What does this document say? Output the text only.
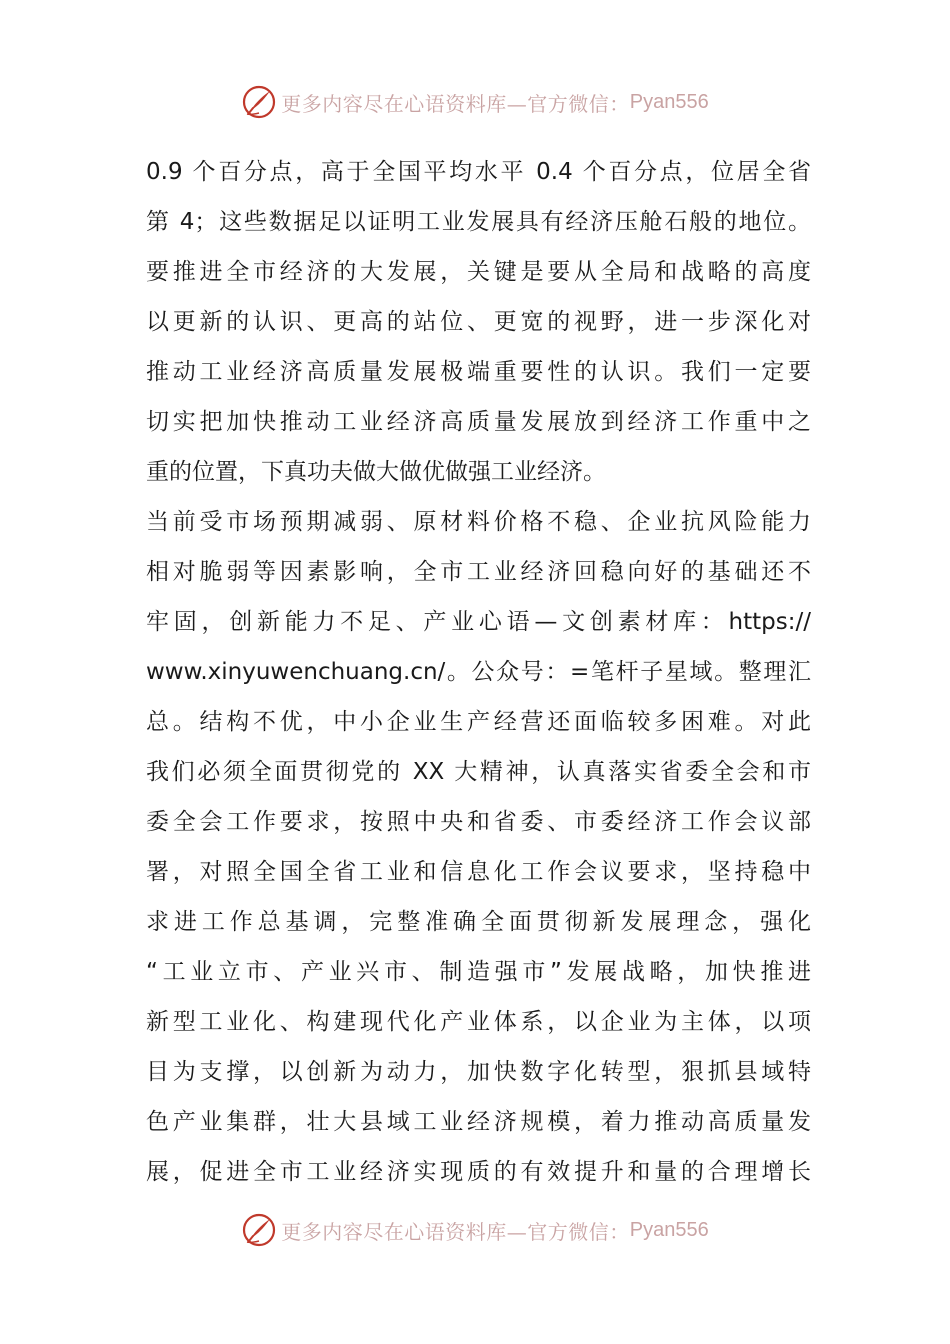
更多内容尽在心语资料库—官方微信： Pyan556
0.9 个百分点，高于全国平均水平 0.4 个百分点，位居全省
第 4；这些数据足以证明工业发展具有经济压舱石般的地位。
要推进全市经济的大发展，关键是要从全局和战略的高度
以更新的认识、更高的站位、更宽的视野，进一步深化对
推动工业经济高质量发展极端重要性的认识。我们一定要
切实把加快推动工业经济高质量发展放到经济工作重中之
重的位置，下真功夫做大做优做强工业经济。
当前受市场预期减弱、原材料价格不稳、企业抗风险能力
相对脆弱等因素影响，全市工业经济回稳向好的基础还不
牢固，创新能力不足、产业心语—文创素材库：https://
www.xinyuwenchuang.cn/。公众号：=笔杆子星域。整理汇
总。结构不优，中小企业生产经营还面临较多困难。对此
我们必须全面贯彻党的 XX 大精神，认真落实省委全会和市
委全会工作要求，按照中央和省委、市委经济工作会议部
署，对照全国全省工业和信息化工作会议要求，坚持稳中
求进工作总基调，完整准确全面贯彻新发展理念，强化
“工业立市、产业兴市、制造强市”发展战略，加快推进
新型工业化、构建现代化产业体系，以企业为主体，以项
目为支撑，以创新为动力，加快数字化转型，狠抓县域特
色产业集群，壮大县域工业经济规模，着力推动高质量发
展，促进全市工业经济实现质的有效提升和量的合理增长
更多内容尽在心语资料库—官方微信： Pyan556
